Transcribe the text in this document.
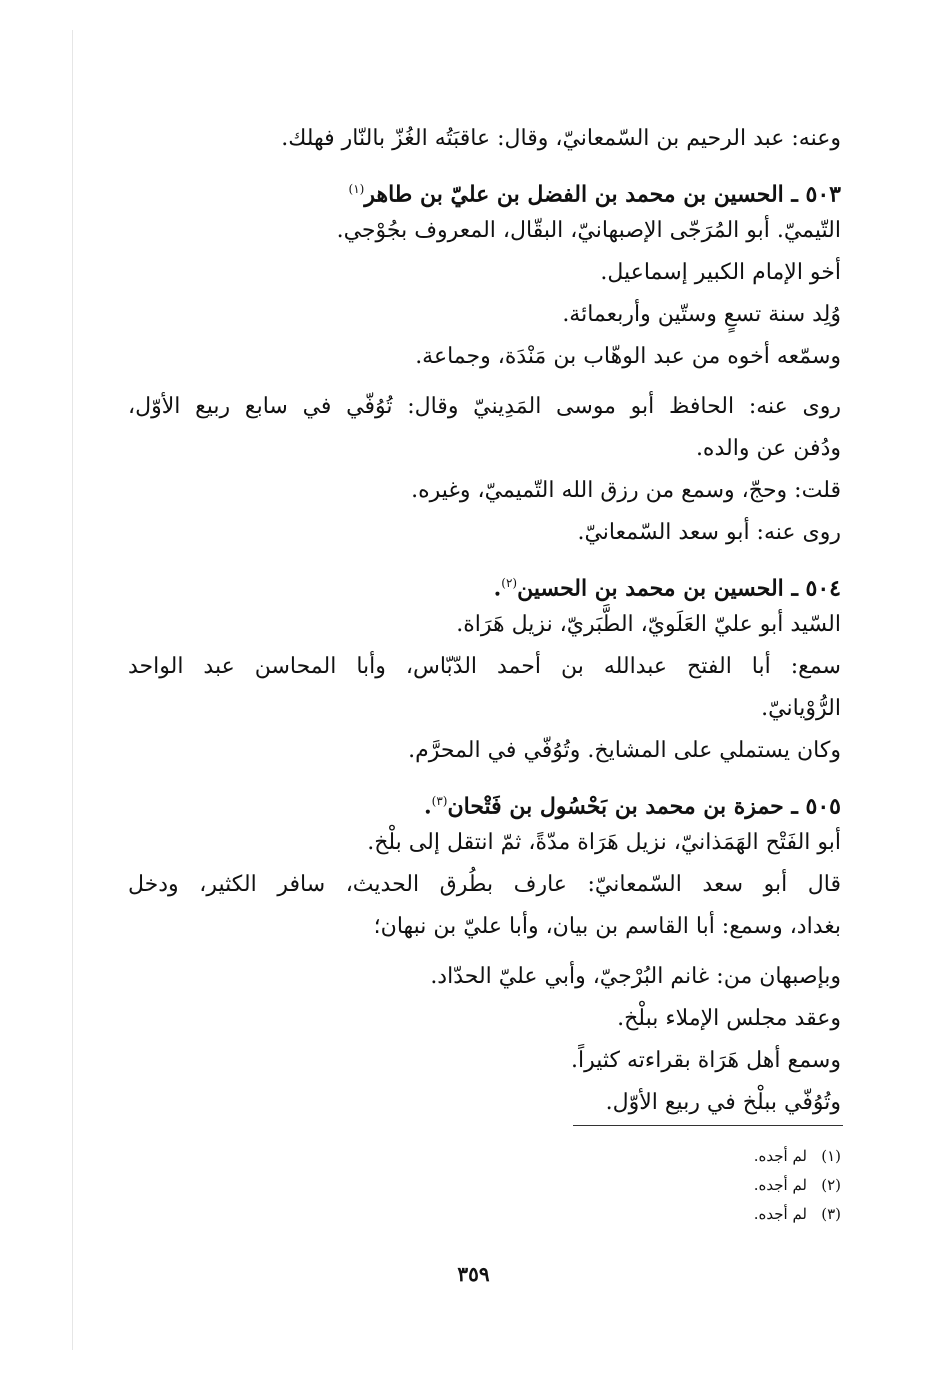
وعنه: عبد الرحيم بن السّمعانيّ، وقال: عاقبَتُه الغُزّ بالنّار فهلك.
٥٠٣ ـ الحسين بن محمد بن الفضل بن عليّ بن طاهر$^{(١)}$
التّيميّ. أبو المُرَجّى الإصبهانيّ، البقّال، المعروف بجُوْجي.
أخو الإمام الكبير إسماعيل.
وُلِد سنة تسعٍ وستّين وأربعمائة.
وسمّعه أخوه من عبد الوهّاب بن مَنْدَة، وجماعة.
روى عنه: الحافظ أبو موسى المَدِينيّ وقال: تُوُفّي في سابع ربيع الأوّل،
ودُفن عن والده.
قلت: وحجّ، وسمع من رزق الله التّميميّ، وغيره.
روى عنه: أبو سعد السّمعانيّ.
٥٠٤ ـ الحسين بن محمد بن الحسين$^{(٢)}$.
السّيد أبو عليّ العَلَويّ، الطَّبَريّ، نزيل هَرَاة.
سمع: أبا الفتح عبدالله بن أحمد الدّبّاس، وأبا المحاسن عبد الواحد
الرُّوْيانيّ.
وكان يستملي على المشايخ. وتُوُفّي في المحرَّم.
٥٠٥ ـ حمزة بن محمد بن بَحْسُول بن فَتْحان$^{(٣)}$.
أبو الفَتْح الهَمَذانيّ، نزيل هَرَاة مدّةً، ثمّ انتقل إلى بلْخ.
قال أبو سعد السّمعانيّ: عارف بطُرق الحديث، سافر الكثير، ودخل
بغداد، وسمع: أبا القاسم بن بيان، وأبا عليّ بن نبهان؛
وبإصبهان من: غانم البُرْجيّ، وأبي عليّ الحدّاد.
وعقد مجلس الإملاء ببلْخ.
وسمع أهل هَرَاة بقراءته كثيراً.
وتُوُفّي ببلْخ في ربيع الأوّل.
(١)لم أجده.
(٢)لم أجده.
(٣)لم أجده.
٣٥٩
